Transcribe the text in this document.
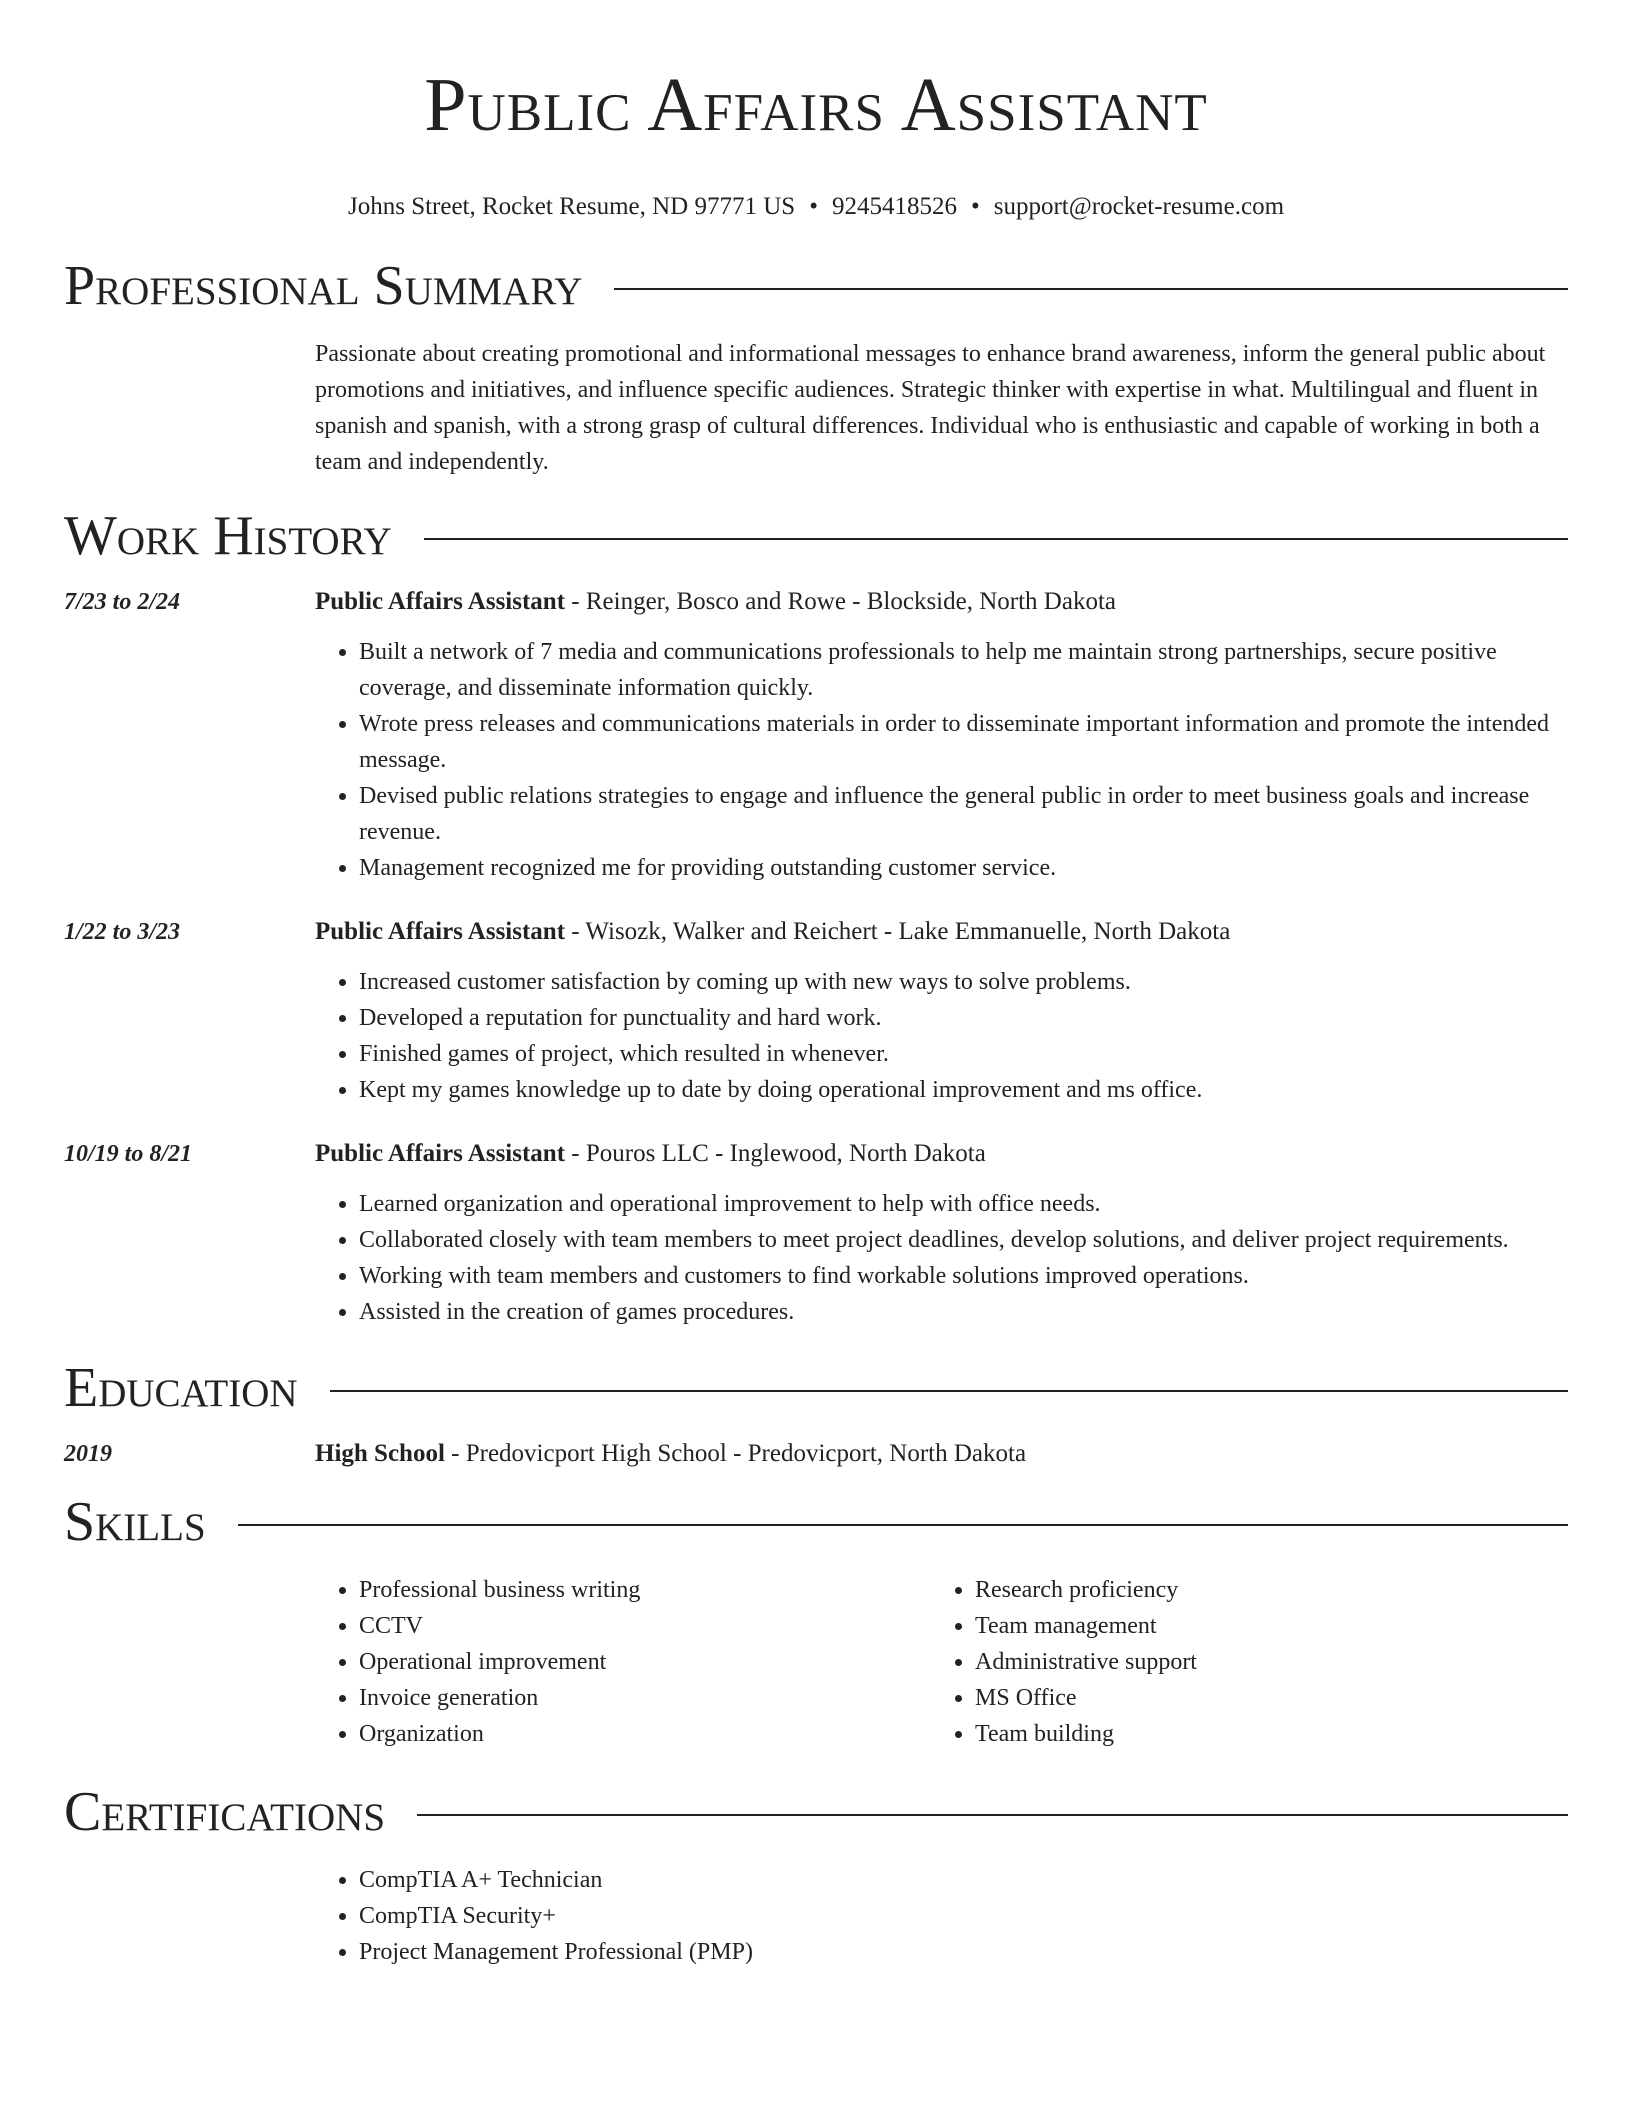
Public Affairs Assistant
Johns Street, Rocket Resume, ND 97771 US • 9245418526 • support@rocket-resume.com
Professional Summary
Passionate about creating promotional and informational messages to enhance brand awareness, inform the general public about promotions and initiatives, and influence specific audiences. Strategic thinker with expertise in what. Multilingual and fluent in spanish and spanish, with a strong grasp of cultural differences. Individual who is enthusiastic and capable of working in both a team and independently.
Work History
7/23 to 2/24	Public Affairs Assistant - Reinger, Bosco and Rowe - Blockside, North Dakota
• Built a network of 7 media and communications professionals to help me maintain strong partnerships, secure positive coverage, and disseminate information quickly.
• Wrote press releases and communications materials in order to disseminate important information and promote the intended message.
• Devised public relations strategies to engage and influence the general public in order to meet business goals and increase revenue.
• Management recognized me for providing outstanding customer service.
1/22 to 3/23	Public Affairs Assistant - Wisozk, Walker and Reichert - Lake Emmanuelle, North Dakota
• Increased customer satisfaction by coming up with new ways to solve problems.
• Developed a reputation for punctuality and hard work.
• Finished games of project, which resulted in whenever.
• Kept my games knowledge up to date by doing operational improvement and ms office.
10/19 to 8/21	Public Affairs Assistant - Pouros LLC - Inglewood, North Dakota
• Learned organization and operational improvement to help with office needs.
• Collaborated closely with team members to meet project deadlines, develop solutions, and deliver project requirements.
• Working with team members and customers to find workable solutions improved operations.
• Assisted in the creation of games procedures.
Education
2019	High School - Predovicport High School - Predovicport, North Dakota
Skills
• Professional business writing
• CCTV
• Operational improvement
• Invoice generation
• Organization
• Research proficiency
• Team management
• Administrative support
• MS Office
• Team building
Certifications
• CompTIA A+ Technician
• CompTIA Security+
• Project Management Professional (PMP)
